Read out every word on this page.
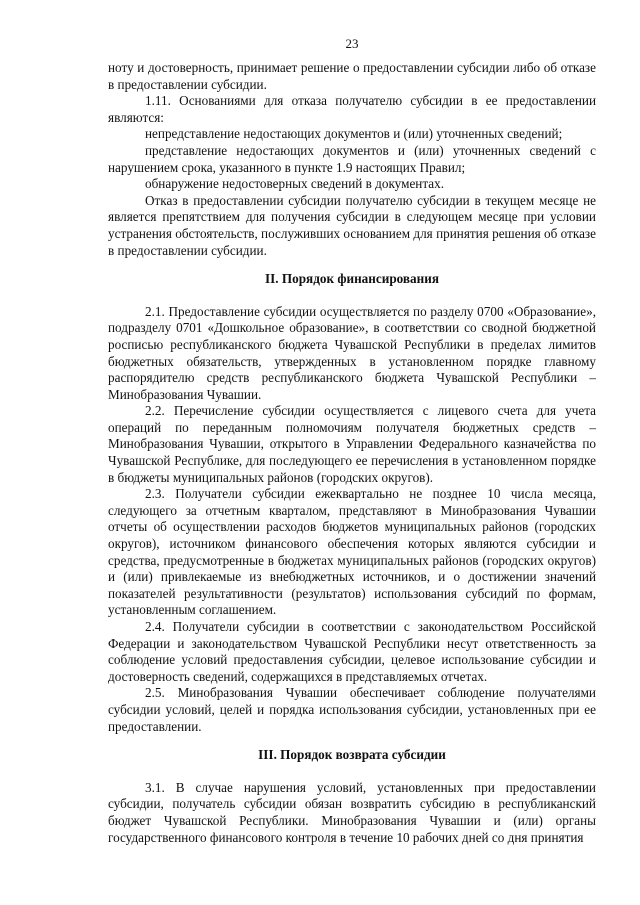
23

ноту и достоверность, принимает решение о предоставлении субсидии либо об отказе в предоставлении субсидии.

1.11. Основаниями для отказа получателю субсидии в ее предоставлении являются:

непредставление недостающих документов и (или) уточненных сведений;

представление недостающих документов и (или) уточненных сведений с нарушением срока, указанного в пункте 1.9 настоящих Правил;

обнаружение недостоверных сведений в документах.

Отказ в предоставлении субсидии получателю субсидии в текущем месяце не является препятствием для получения субсидии в следующем месяце при условии устранения обстоятельств, послуживших основанием для принятия решения об отказе в предоставлении субсидии.

II. Порядок финансирования

2.1. Предоставление субсидии осуществляется по разделу 0700 «Образование», подразделу 0701 «Дошкольное образование», в соответствии со сводной бюджетной росписью республиканского бюджета Чувашской Республики в пределах лимитов бюджетных обязательств, утвержденных в установленном порядке главному распорядителю средств республиканского бюджета Чувашской Республики – Минобразования Чувашии.

2.2. Перечисление субсидии осуществляется с лицевого счета для учета операций по переданным полномочиям получателя бюджетных средств – Минобразования Чувашии, открытого в Управлении Федерального казначейства по Чувашской Республике, для последующего ее перечисления в установленном порядке в бюджеты муниципальных районов (городских округов).

2.3. Получатели субсидии ежеквартально не позднее 10 числа месяца, следующего за отчетным кварталом, представляют в Минобразования Чувашии отчеты об осуществлении расходов бюджетов муниципальных районов (городских округов), источником финансового обеспечения которых являются субсидии и средства, предусмотренные в бюджетах муниципальных районов (городских округов) и (или) привлекаемые из внебюджетных источников, и о достижении значений показателей результативности (результатов) использования субсидий по формам, установленным соглашением.

2.4. Получатели субсидии в соответствии с законодательством Российской Федерации и законодательством Чувашской Республики несут ответственность за соблюдение условий предоставления субсидии, целевое использование субсидии и достоверность сведений, содержащихся в представляемых отчетах.

2.5. Минобразования Чувашии обеспечивает соблюдение получателями субсидии условий, целей и порядка использования субсидии, установленных при ее предоставлении.

III. Порядок возврата субсидии

3.1. В случае нарушения условий, установленных при предоставлении субсидии, получатель субсидии обязан возвратить субсидию в республиканский бюджет Чувашской Республики. Минобразования Чувашии и (или) органы государственного финансового контроля в течение 10 рабочих дней со дня принятия
